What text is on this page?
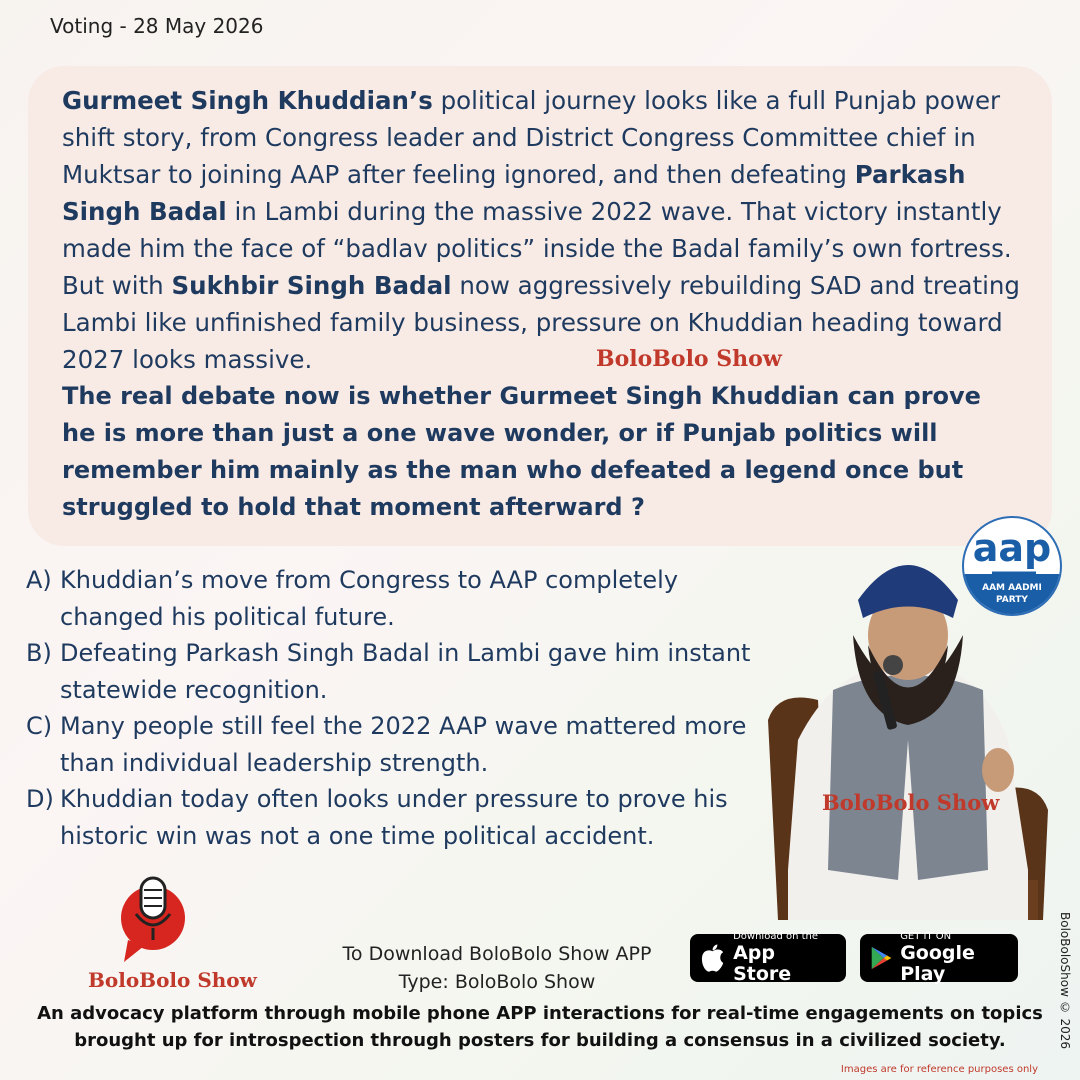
Voting - 28 May 2026
Gurmeet Singh Khuddian’s political journey looks like a full Punjab power shift story, from Congress leader and District Congress Committee chief in Muktsar to joining AAP after feeling ignored, and then defeating Parkash Singh Badal in Lambi during the massive 2022 wave. That victory instantly made him the face of “badlav politics” inside the Badal family’s own fortress. But with Sukhbir Singh Badal now aggressively rebuilding SAD and treating Lambi like unfinished family business, pressure on Khuddian heading toward 2027 looks massive.	BoloBolo Show
The real debate now is whether Gurmeet Singh Khuddian can prove he is more than just a one wave wonder, or if Punjab politics will remember him mainly as the man who defeated a legend once but struggled to hold that moment afterward ?
A) Khuddian’s move from Congress to AAP completely changed his political future.
B) Defeating Parkash Singh Badal in Lambi gave him instant statewide recognition.
C) Many people still feel the 2022 AAP wave mattered more than individual leadership strength.
D) Khuddian today often looks under pressure to prove his historic win was not a one time political accident.
aap
AAM AADMI
PARTY
BoloBolo Show
BoloBolo Show
To Download BoloBolo Show APP
Type: BoloBolo Show
Download on the
App Store
GET IT ON
Google Play
An advocacy platform through mobile phone APP interactions for real-time engagements on topics brought up for introspection through posters for building a consensus in a civilized society.	BoloBoloShow © 2026
Images are for reference purposes only
